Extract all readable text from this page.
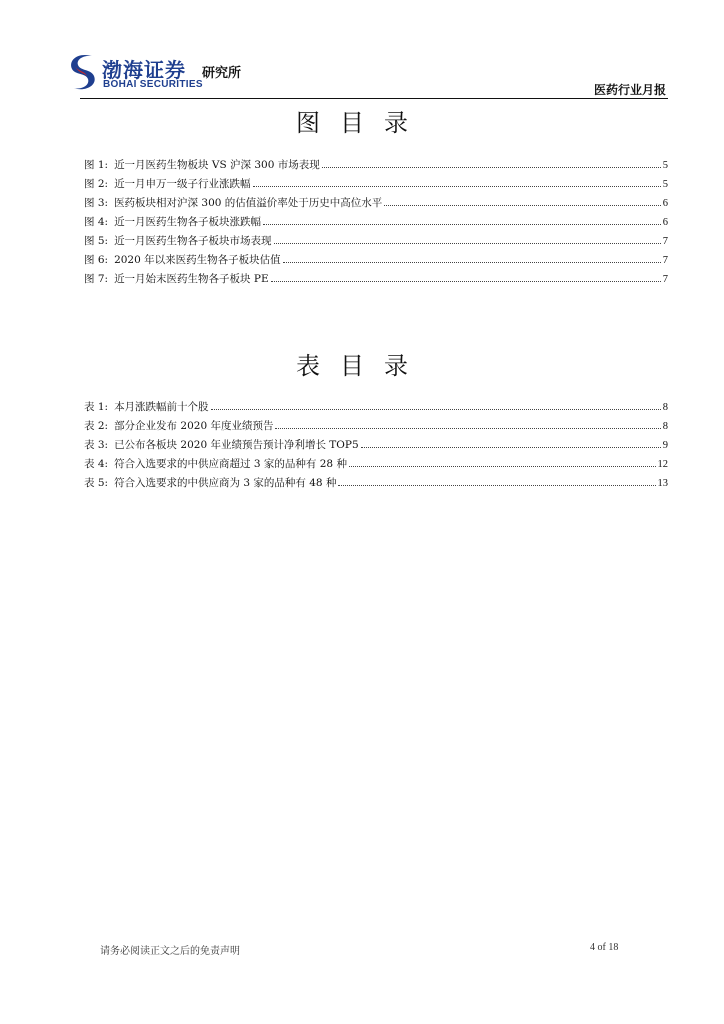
渤海证券
BOHAI SECURITIES
研究所
医药行业月报
图目录
图 1: 近一月医药生物板块 VS 沪深 300 市场表现	5
图 2: 近一月申万一级子行业涨跌幅	5
图 3: 医药板块相对沪深 300 的估值溢价率处于历史中高位水平	6
图 4: 近一月医药生物各子板块涨跌幅	6
图 5: 近一月医药生物各子板块市场表现	7
图 6: 2020 年以来医药生物各子板块估值	7
图 7: 近一月始末医药生物各子板块 PE	7
表目录
表 1: 本月涨跌幅前十个股	8
表 2: 部分企业发布 2020 年度业绩预告	8
表 3: 已公布各板块 2020 年业绩预告预计净利增长 TOP5	9
表 4: 符合入选要求的中供应商超过 3 家的品种有 28 种	12
表 5: 符合入选要求的中供应商为 3 家的品种有 48 种	13
请务必阅读正文之后的免责声明	4 of 18
